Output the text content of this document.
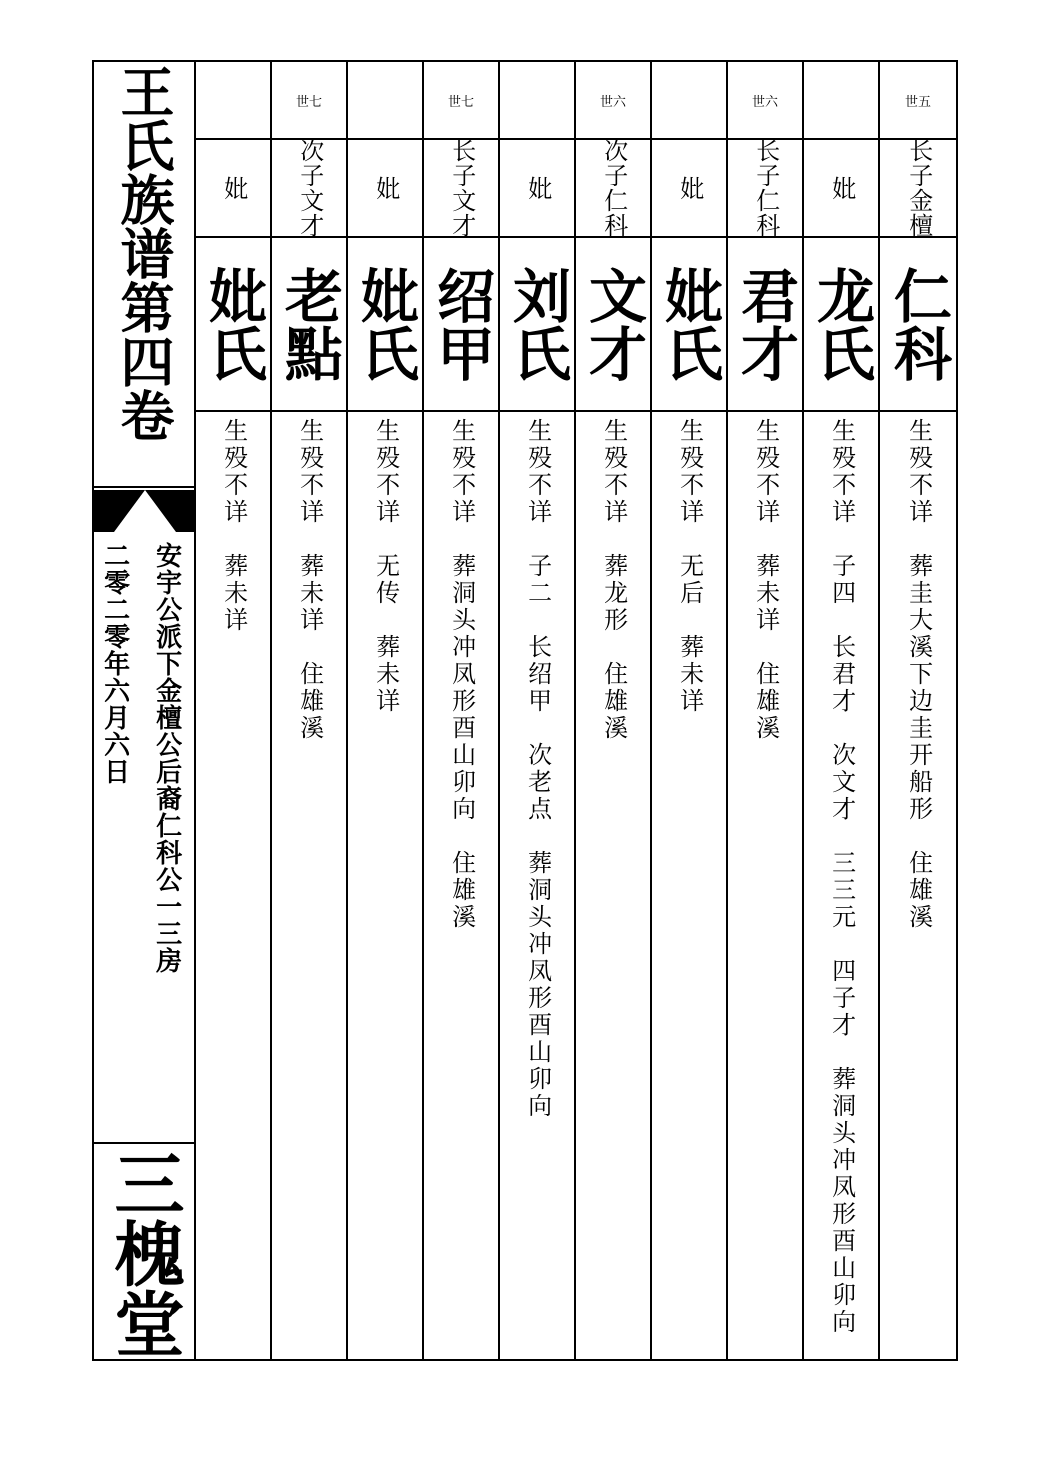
王氏族谱第四卷
安宇公派下金檀公后裔仁科公一三房
二零二零年六月六日
三槐堂
世五
长子金檀
仁科
生殁不详　葬圭大溪下边圭开船形　住雄溪
妣
龙氏
生殁不详　子四　长君才　次文才　三三元　四子才　葬洞头冲凤形酉山卯向
世六
长子仁科
君才
生殁不详　葬未详　住雄溪
妣
妣氏
生殁不详　无后　葬未详
世六
次子仁科
文才
生殁不详　葬龙形　住雄溪
妣
刘氏
生殁不详　子二　长绍甲　次老点　葬洞头冲凤形酉山卯向
世七
长子文才
绍甲
生殁不详　葬洞头冲凤形酉山卯向　住雄溪
妣
妣氏
生殁不详　无传　葬未详
世七
次子文才
老點
生殁不详　葬未详　住雄溪
妣
妣氏
生殁不详　葬未详
